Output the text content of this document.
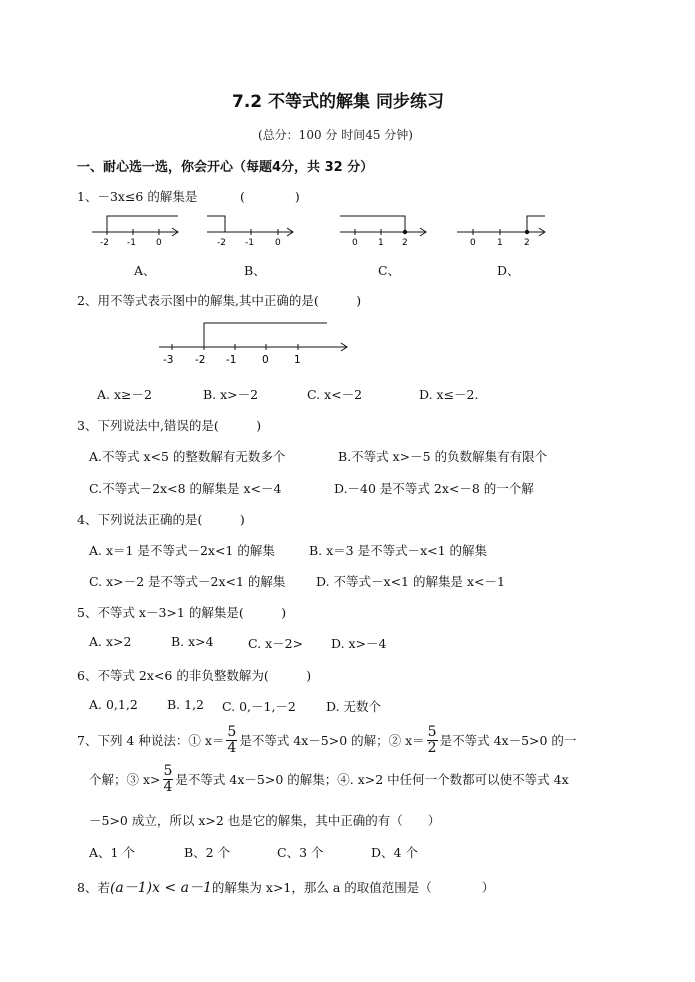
7.2 不等式的解集 同步练习
(总分：100 分 时间45 分钟)
一、耐心选一选，你会开心（每题4分，共 32 分）
1、－3x≤6 的解集是	(　　　　)
-2 -1 0	-2 -1 0	0 1 2	0 1 2
A、	B、	C、	D、
2、用不等式表示图中的解集,其中正确的是(　　　)
-3 -2 -1 0 1
A. x≥－2	B. x>－2	C. x<－2	D. x≤－2.
3、下列说法中,错误的是(　　　)
A.不等式 x<5 的整数解有无数多个	B.不等式 x>－5 的负数解集有有限个
C.不等式－2x<8 的解集是 x<－4	D.－40 是不等式 2x<－8 的一个解
4、下列说法正确的是(　　　)
A. x＝1 是不等式－2x<1 的解集	B. x＝3 是不等式－x<1 的解集
C. x>－2 是不等式－2x<1 的解集 D. 不等式－x<1 的解集是 x<－1
5、不等式 x－3>1 的解集是(　　　)
A. x>2	B. x>4	C. x－2> D. x>－4
6、不等式 2x<6 的非负整数解为(　　　)
A. 0,1,2 B. 1,2 C. 0,－1,－2 D. 无数个
7、下列 4 种说法：① $x= \frac{5}{4}$ 是不等式 4x－5>0 的解；② $x= \frac{5}{2}$ 是不等式 4x－5>0 的一
个解；③ $x> \frac{5}{4}$ 是不等式 4x－5>0 的解集；④. x>2 中任何一个数都可以使不等式 4x
－5>0 成立，所以 x>2 也是它的解集，其中正确的有（　　）
A、1 个	B、2 个	C、3 个	D、4 个
8、若 (a－1)x < a－1 的解集为 x>1，那么 a 的取值范围是（　　　　）
